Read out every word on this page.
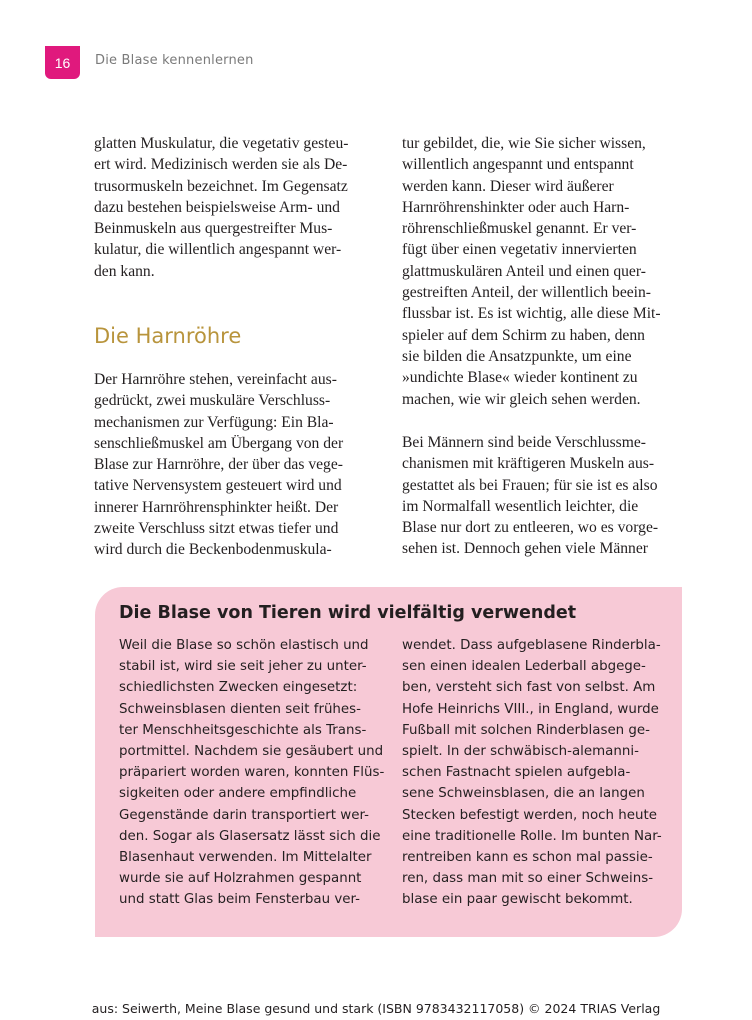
16 Die Blase kennenlernen
glatten Muskulatur, die vegetativ gesteu-
ert wird. Medizinisch werden sie als De-
trusormuskeln bezeichnet. Im Gegensatz
dazu bestehen beispielsweise Arm- und
Beinmuskeln aus quergestreifter Mus-
kulatur, die willentlich angespannt wer-
den kann.
Die Harnröhre
Der Harnröhre stehen, vereinfacht aus-
gedrückt, zwei muskuläre Verschluss-
mechanismen zur Verfügung: Ein Bla-
senschließmuskel am Übergang von der
Blase zur Harnröhre, der über das vege-
tative Nervensystem gesteuert wird und
innerer Harnröhrensphinkter heißt. Der
zweite Verschluss sitzt etwas tiefer und
wird durch die Beckenbodenmuskula-
tur gebildet, die, wie Sie sicher wissen,
willentlich angespannt und entspannt
werden kann. Dieser wird äußerer
Harnröhrenshinkter oder auch Harn-
röhrenschließmuskel genannt. Er ver-
fügt über einen vegetativ innervierten
glattmuskulären Anteil und einen quer-
gestreiften Anteil, der willentlich beein-
flussbar ist. Es ist wichtig, alle diese Mit-
spieler auf dem Schirm zu haben, denn
sie bilden die Ansatzpunkte, um eine
»undichte Blase« wieder kontinent zu
machen, wie wir gleich sehen werden.
Bei Männern sind beide Verschlussme-
chanismen mit kräftigeren Muskeln aus-
gestattet als bei Frauen; für sie ist es also
im Normalfall wesentlich leichter, die
Blase nur dort zu entleeren, wo es vorge-
sehen ist. Dennoch gehen viele Männer
Die Blase von Tieren wird vielfältig verwendet
Weil die Blase so schön elastisch und
stabil ist, wird sie seit jeher zu unter-
schiedlichsten Zwecken eingesetzt:
Schweinsblasen dienten seit frühes-
ter Menschheitsgeschichte als Trans-
portmittel. Nachdem sie gesäubert und
präpariert worden waren, konnten Flüs-
sigkeiten oder andere empfindliche
Gegenstände darin transportiert wer-
den. Sogar als Glasersatz lässt sich die
Blasenhaut verwenden. Im Mittelalter
wurde sie auf Holzrahmen gespannt
und statt Glas beim Fensterbau ver-
wendet. Dass aufgeblasene Rinderbla-
sen einen idealen Lederball abgege-
ben, versteht sich fast von selbst. Am
Hofe Heinrichs VIII., in England, wurde
Fußball mit solchen Rinderblasen ge-
spielt. In der schwäbisch-alemanni-
schen Fastnacht spielen aufgebla-
sene Schweinsblasen, die an langen
Stecken befestigt werden, noch heute
eine traditionelle Rolle. Im bunten Nar-
rentreiben kann es schon mal passie-
ren, dass man mit so einer Schweins-
blase ein paar gewischt bekommt.
aus: Seiwerth, Meine Blase gesund und stark (ISBN 9783432117058) © 2024 TRIAS Verlag
